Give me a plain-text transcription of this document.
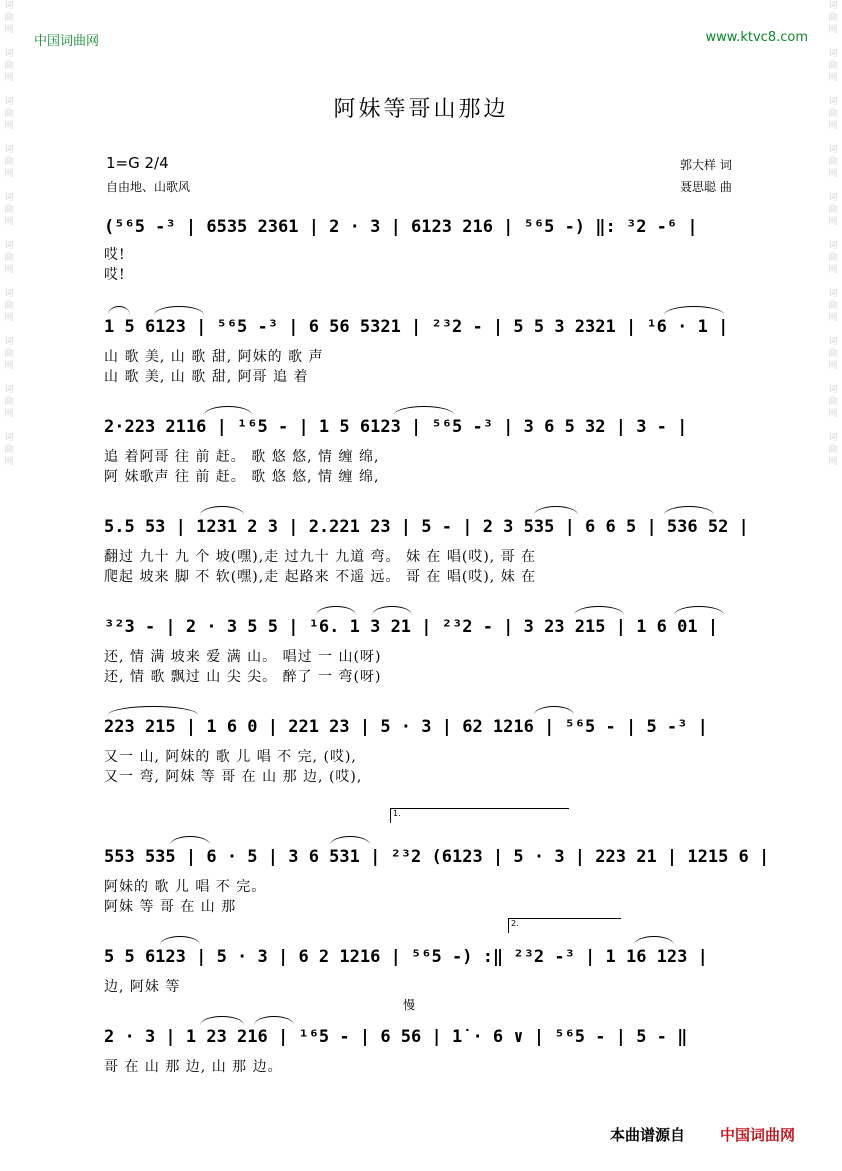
词曲网

词曲网

词曲网

词曲网

词曲网

词曲网

词曲网

词曲网

词曲网

词曲网
词曲网

词曲网

词曲网

词曲网

词曲网

词曲网

词曲网

词曲网

词曲网

词曲网
中国词曲网	www.ktvc8.com
阿妹等哥山那边
1=G 2/4
自由地、山歌风
郭大样 词
聂思聪 曲
(⁵⁶5 -³ | 6535 2361 | 2 · 3 | 6123 216 | ⁵⁶5 -) ‖: ³2 -⁶ |
哎!
哎!
1 5 6123 | ⁵⁶5 -³ | 6 56 5321 | ²³2 - | 5 5 3 2321 | ¹6 · 1 |
山 歌 美, 山 歌 甜, 阿妹的 歌 声
山 歌 美, 山 歌 甜, 阿哥 追 着
2·223 2116 | ¹⁶5 - | 1 5 6123 | ⁵⁶5 -³ | 3 6 5 32 | 3 - |
追 着阿哥 往 前 赶。 歌 悠 悠, 情 缠 绵,
阿 妹歌声 往 前 赶。 歌 悠 悠, 情 缠 绵,
5.5 53 | 1231 2 3 | 2.221 23 | 5 - | 2 3 535 | 6 6 5 | 536 52 |
翻过 九十 九 个 坡(嘿),走 过九十 九道 弯。 妹 在 唱(哎), 哥 在
爬起 坡来 脚 不 软(嘿),走 起路来 不遥 远。 哥 在 唱(哎), 妹 在
³²3 - | 2 · 3 5 5 | ¹6. 1 3 21 | ²³2 - | 3 23 215 | 1 6 01 |
还, 情 满 坡来 爱 满 山。 唱过 一 山(呀)
还, 情 歌 飘过 山 尖 尖。 醉了 一 弯(呀)
223 215 | 1 6 0 | 221 23 | 5 · 3 | 62 1216 | ⁵⁶5 - | 5 -³ |
又一 山, 阿妹的 歌 儿 唱 不 完, (哎),
又一 弯, 阿妹 等 哥 在 山 那 边, (哎),
1.
553 535 | 6 · 5 | 3 6 531 | ²³2 (6123 | 5 · 3 | 223 21 | 1215 6 |
阿妹的 歌 儿 唱 不 完。
阿妹 等 哥 在 山 那
2.
5 5 6123 | 5 · 3 | 6 2 1216 | ⁵⁶5 -) :‖ ²³2 -³ | 1 16 123 |
边, 阿妹 等
慢
2 · 3 | 1 23 216 | ¹⁶5 - | 6 56 | 1̇ · 6 ∨ | ⁵⁶5 - | 5 - ‖
哥 在 山 那 边, 山 那 边。
本曲谱源自 中国词曲网
